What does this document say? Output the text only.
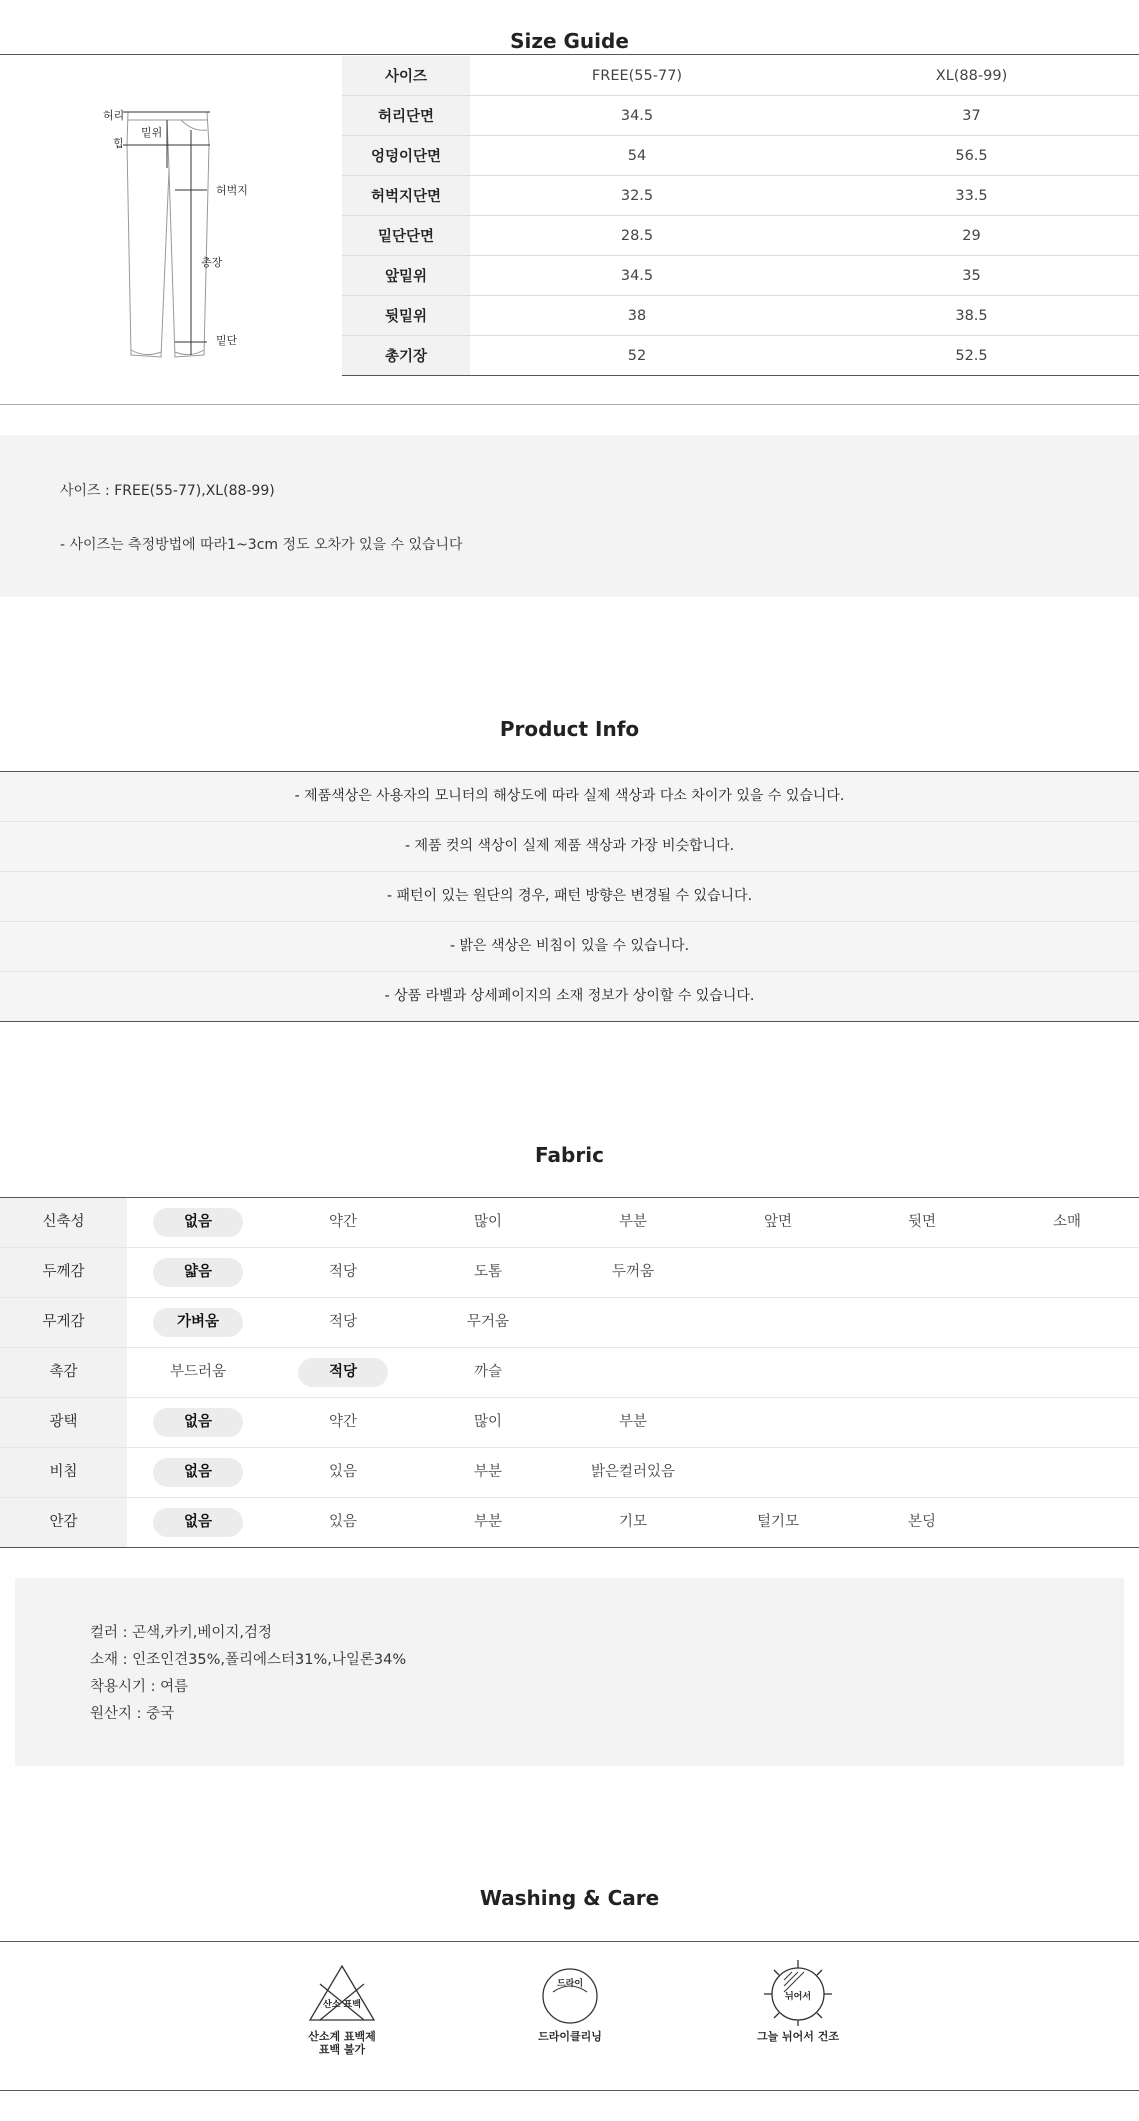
Size Guide
허리
힙
밑위
허벅지
총장
밑단
사이즈	FREE(55-77)	XL(88-99)
허리단면	34.5	37
엉덩이단면	54	56.5
허벅지단면	32.5	33.5
밑단단면	28.5	29
앞밑위	34.5	35
뒷밑위	38	38.5
총기장	52	52.5
사이즈 : FREE(55-77),XL(88-99)
- 사이즈는 측정방법에 따라1~3cm 정도 오차가 있을 수 있습니다
Product Info
- 제품색상은 사용자의 모니터의 해상도에 따라 실제 색상과 다소 차이가 있을 수 있습니다.
- 제품 컷의 색상이 실제 제품 색상과 가장 비슷합니다.
- 패턴이 있는 원단의 경우, 패턴 방향은 변경될 수 있습니다.
- 밝은 색상은 비침이 있을 수 있습니다.
- 상품 라벨과 상세페이지의 소재 정보가 상이할 수 있습니다.
Fabric
신축성	없음	약간	많이	부분	앞면	뒷면	소매
두께감	얇음	적당	도톰	두꺼움
무게감	가벼움	적당	무거움
촉감	부드러움	적당	까슬
광택	없음	약간	많이	부분
비침	없음	있음	부분	밝은컬러있음
안감	없음	있음	부분	기모	털기모	본딩
컬러 : 곤색,카키,베이지,검정
소재 : 인조인견35%,폴리에스터31%,나일론34%
착용시기 : 여름
원산지 : 중국
Washing & Care
산소 표백
산소계 표백제
표백 불가
드라이
드라이클리닝
뉘어서
그늘 뉘어서 건조
